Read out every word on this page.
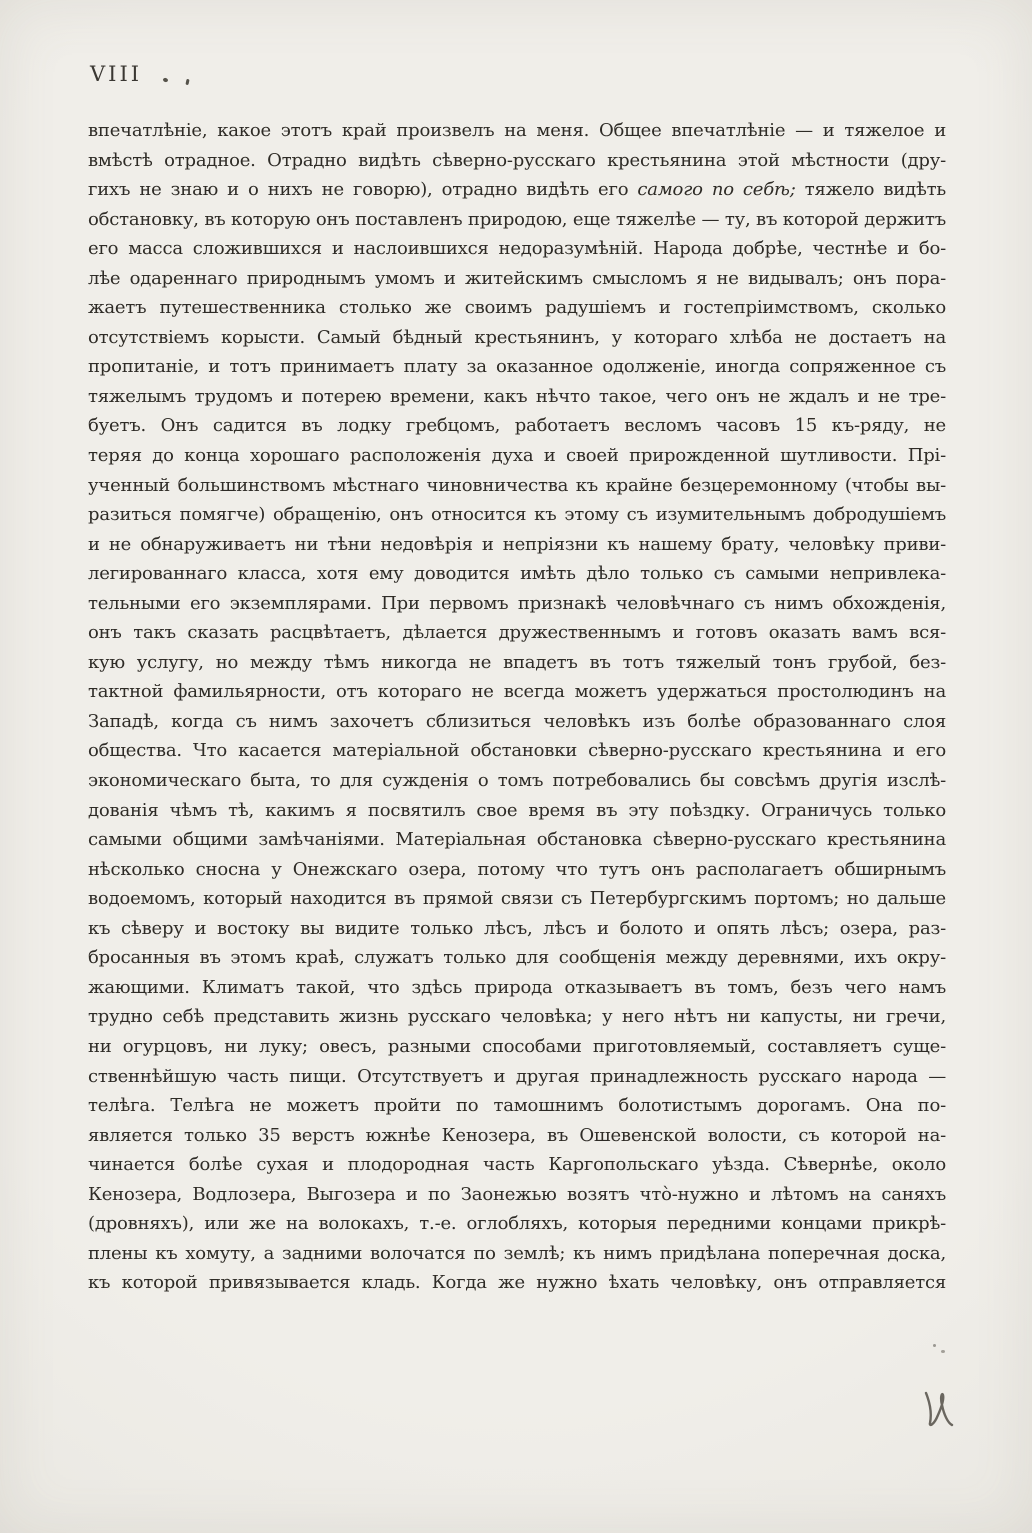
VIII
впечатлѣніе, какое этотъ край произвелъ на меня. Общее впечатлѣніе — и тяжелое и
вмѣстѣ отрадное. Отрадно видѣть сѣверно-русскаго крестьянина этой мѣстности (дру-
гихъ не знаю и о нихъ не говорю), отрадно видѣть его самого по себѣ; тяжело видѣть
обстановку, въ которую онъ поставленъ природою, еще тяжелѣе — ту, въ которой держитъ
его масса сложившихся и наслоившихся недоразумѣній. Народа добрѣе, честнѣе и бо-
лѣе одареннаго природнымъ умомъ и житейскимъ смысломъ я не видывалъ; онъ пора-
жаетъ путешественника столько же своимъ радушіемъ и гостепріимствомъ, сколько
отсутствіемъ корысти. Самый бѣдный крестьянинъ, у котораго хлѣба не достаетъ на
пропитаніе, и тотъ принимаетъ плату за оказанное одолженіе, иногда сопряженное съ
тяжелымъ трудомъ и потерею времени, какъ нѣчто такое, чего онъ не ждалъ и не тре-
буетъ. Онъ садится въ лодку гребцомъ, работаетъ весломъ часовъ 15 къ-ряду, не
теряя до конца хорошаго расположенія духа и своей прирожденной шутливости. Прі-
ученный большинствомъ мѣстнаго чиновничества къ крайне безцеремонному (чтобы вы-
разиться помягче) обращенію, онъ относится къ этому съ изумительнымъ добродушіемъ
и не обнаруживаетъ ни тѣни недовѣрія и непріязни къ нашему брату, человѣку приви-
легированнаго класса, хотя ему доводится имѣть дѣло только съ самыми непривлека-
тельными его экземплярами. При первомъ признакѣ человѣчнаго съ нимъ обхожденія,
онъ такъ сказать расцвѣтаетъ, дѣлается дружественнымъ и готовъ оказать вамъ вся-
кую услугу, но между тѣмъ никогда не впадетъ въ тотъ тяжелый тонъ грубой, без-
тактной фамильярности, отъ котораго не всегда можетъ удержаться простолюдинъ на
Западѣ, когда съ нимъ захочетъ сблизиться человѣкъ изъ болѣе образованнаго слоя
общества. Что касается матеріальной обстановки сѣверно-русскаго крестьянина и его
экономическаго быта, то для сужденія о томъ потребовались бы совсѣмъ другія изслѣ-
дованія чѣмъ тѣ, какимъ я посвятилъ свое время въ эту поѣздку. Ограничусь только
самыми общими замѣчаніями. Матеріальная обстановка сѣверно-русскаго крестьянина
нѣсколько сносна у Онежскаго озера, потому что тутъ онъ располагаетъ обширнымъ
водоемомъ, который находится въ прямой связи съ Петербургскимъ портомъ; но дальше
къ сѣверу и востоку вы видите только лѣсъ, лѣсъ и болото и опять лѣсъ; озера, раз-
бросанныя въ этомъ краѣ, служатъ только для сообщенія между деревнями, ихъ окру-
жающими. Климатъ такой, что здѣсь природа отказываетъ въ томъ, безъ чего намъ
трудно себѣ представить жизнь русскаго человѣка; у него нѣтъ ни капусты, ни гречи,
ни огурцовъ, ни луку; овесъ, разными способами приготовляемый, составляетъ суще-
ственнѣйшую часть пищи. Отсутствуетъ и другая принадлежность русскаго народа —
телѣга. Телѣга не можетъ пройти по тамошнимъ болотистымъ дорогамъ. Она по-
является только 35 верстъ южнѣе Кенозера, въ Ошевенской волости, съ которой на-
чинается болѣе сухая и плодородная часть Каргопольскаго уѣзда. Сѣвернѣе, около
Кенозера, Водлозера, Выгозера и по Заонежью возятъ что̀-нужно и лѣтомъ на саняхъ
(дровняхъ), или же на волокахъ, т.-е. оглобляхъ, которыя передними концами прикрѣ-
плены къ хомуту, а задними волочатся по землѣ; къ нимъ придѣлана поперечная доска,
къ которой привязывается кладь. Когда же нужно ѣхать человѣку, онъ отправляется
